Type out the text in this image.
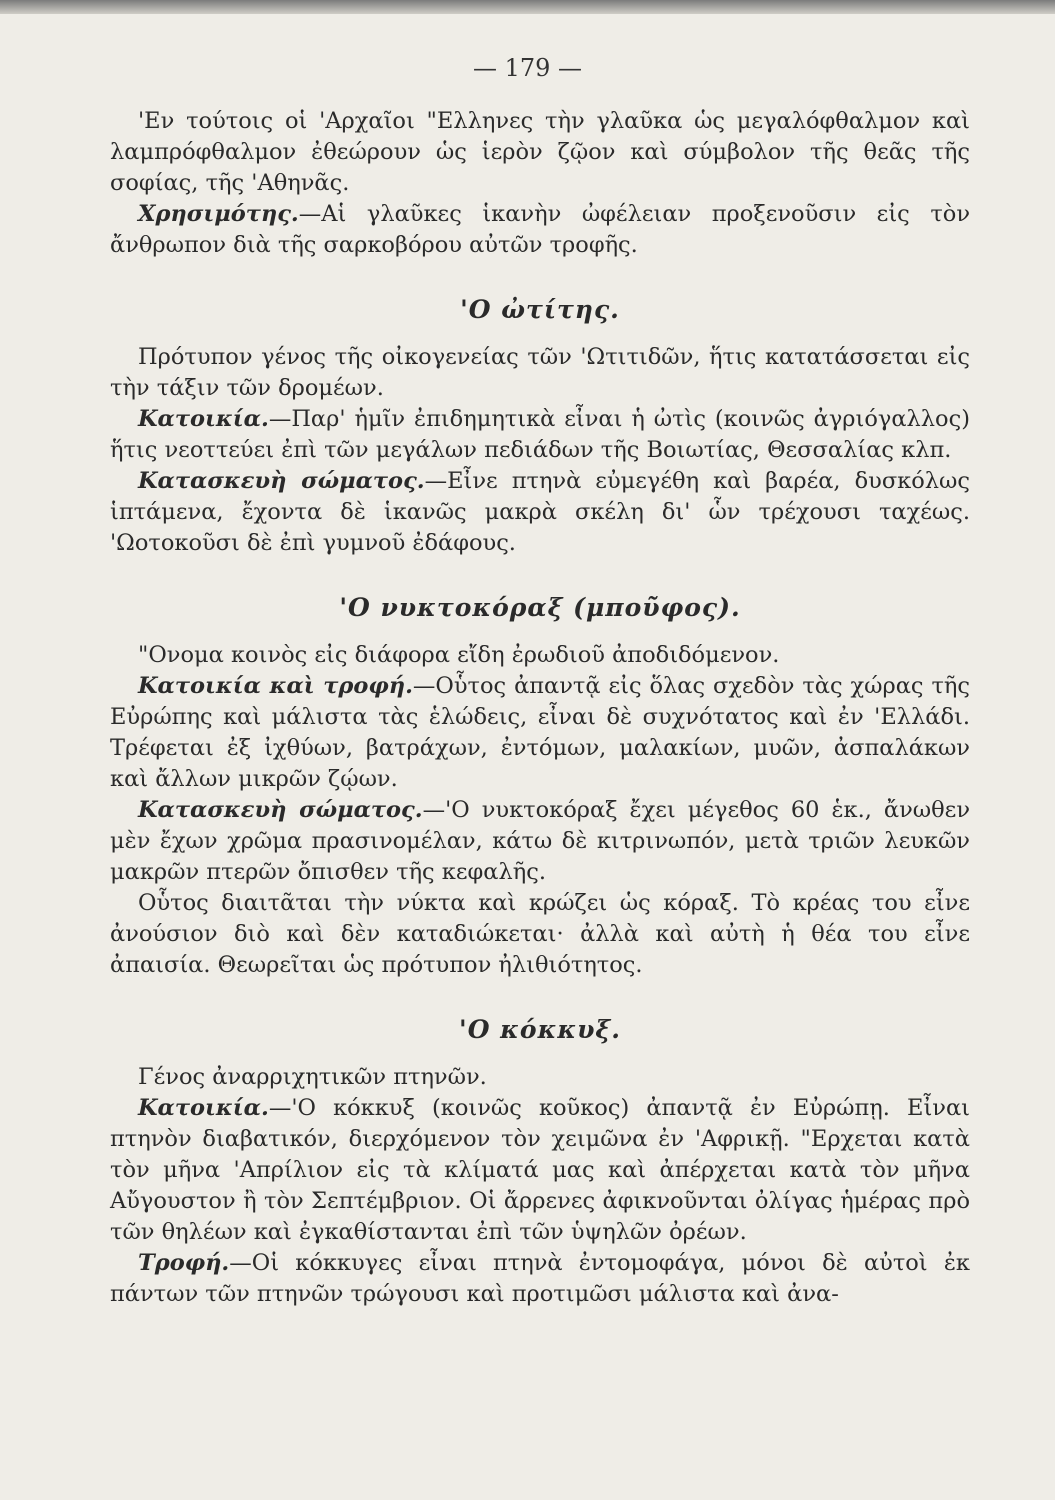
— 179 —

'Εν τούτοις οἱ 'Αρχαῖοι "Ελληνες τὴν γλαῦκα ὡς μεγαλόφθαλμον καὶ λαμπρόφθαλμον ἐθεώρουν ὡς ἱερὸν ζῷον καὶ σύμβολον τῆς θεᾶς τῆς σοφίας, τῆς 'Αθηνᾶς.

Χρησιμότης.—Αἱ γλαῦκες ἱκανὴν ὠφέλειαν προξενοῦσιν εἰς τὸν ἄνθρωπον διὰ τῆς σαρκοβόρου αὐτῶν τροφῆς.

'Ο ὠτίτης.

Πρότυπον γένος τῆς οἰκογενείας τῶν 'Ωτιτιδῶν, ἥτις κατατάσσεται εἰς τὴν τάξιν τῶν δρομέων.

Κατοικία.—Παρ' ἡμῖν ἐπιδημητικὰ εἶναι ἡ ὠτὶς (κοινῶς ἀγριόγαλλος) ἥτις νεοττεύει ἐπὶ τῶν μεγάλων πεδιάδων τῆς Βοιωτίας, Θεσσαλίας κλπ.

Κατασκευὴ σώματος.—Εἶνε πτηνὰ εὐμεγέθη καὶ βαρέα, δυσκόλως ἱπτάμενα, ἔχοντα δὲ ἱκανῶς μακρὰ σκέλη δι' ὧν τρέχουσι ταχέως. 'Ωοτοκοῦσι δὲ ἐπὶ γυμνοῦ ἐδάφους.

'Ο νυκτοκόραξ (μποῦφος).

"Ονομα κοινὸς εἰς διάφορα εἴδη ἐρωδιοῦ ἀποδιδόμενον.

Κατοικία καὶ τροφή.—Οὗτος ἀπαντᾷ εἰς ὅλας σχεδὸν τὰς χώρας τῆς Εὐρώπης καὶ μάλιστα τὰς ἑλώδεις, εἶναι δὲ συχνότατος καὶ ἐν 'Ελλάδι. Τρέφεται ἐξ ἰχθύων, βατράχων, ἐντόμων, μαλακίων, μυῶν, ἀσπαλάκων καὶ ἄλλων μικρῶν ζῴων.

Κατασκευὴ σώματος.—'Ο νυκτοκόραξ ἔχει μέγεθος 60 ἑκ., ἄνωθεν μὲν ἔχων χρῶμα πρασινομέλαν, κάτω δὲ κιτρινωπόν, μετὰ τριῶν λευκῶν μακρῶν πτερῶν ὄπισθεν τῆς κεφαλῆς.

Οὗτος διαιτᾶται τὴν νύκτα καὶ κρώζει ὡς κόραξ. Τὸ κρέας του εἶνε ἀνούσιον διὸ καὶ δὲν καταδιώκεται· ἀλλὰ καὶ αὐτὴ ἡ θέα του εἶνε ἀπαισία. Θεωρεῖται ὡς πρότυπον ἠλιθιότητος.

'Ο κόκκυξ.

Γένος ἀναρριχητικῶν πτηνῶν.

Κατοικία.—'Ο κόκκυξ (κοινῶς κοῦκος) ἀπαντᾷ ἐν Εὐρώπῃ. Εἶναι πτηνὸν διαβατικόν, διερχόμενον τὸν χειμῶνα ἐν 'Αφρικῇ. "Ερχεται κατὰ τὸν μῆνα 'Απρίλιον εἰς τὰ κλίματά μας καὶ ἀπέρχεται κατὰ τὸν μῆνα Αὔγουστον ἢ τὸν Σεπτέμβριον. Οἱ ἄρρενες ἀφικνοῦνται ὀλίγας ἡμέρας πρὸ τῶν θηλέων καὶ ἐγκαθίστανται ἐπὶ τῶν ὑψηλῶν ὀρέων.

Τροφή.—Οἱ κόκκυγες εἶναι πτηνὰ ἐντομοφάγα, μόνοι δὲ αὐτοὶ ἐκ πάντων τῶν πτηνῶν τρώγουσι καὶ προτιμῶσι μάλιστα καὶ ἀνα-
